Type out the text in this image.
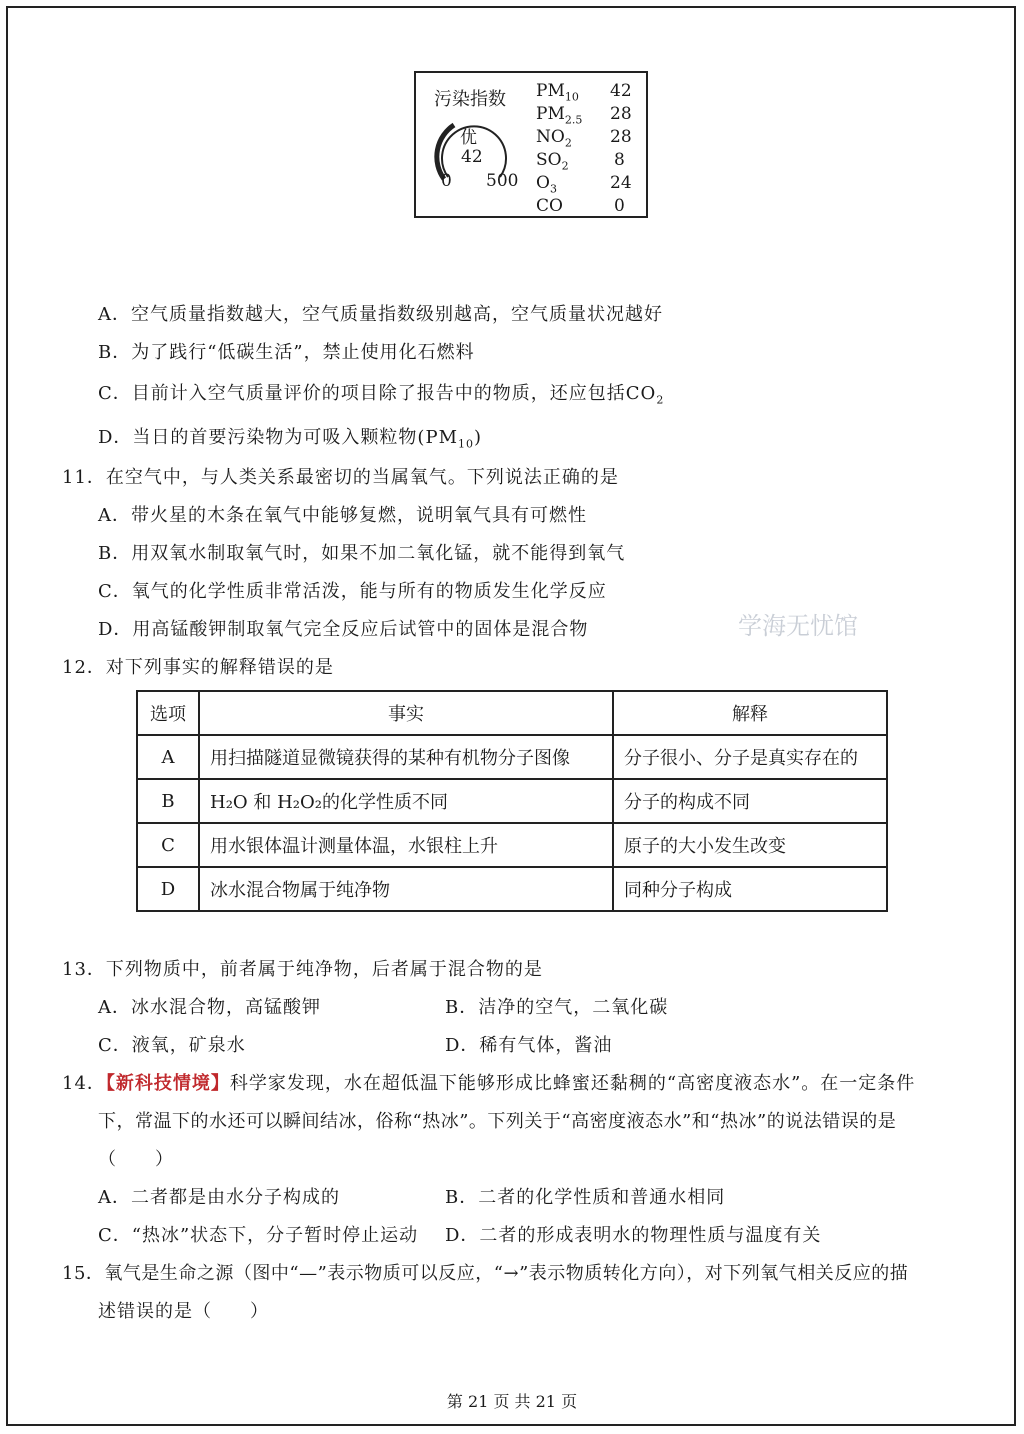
污染指数
优
42
0 500
$PM_{10}$ 42
$PM_{2.5}$ 28
$NO_2$ 28
$SO_2$	8
$O_3$	24
CO	0
A．空气质量指数越大，空气质量指数级别越高，空气质量状况越好
B．为了践行“低碳生活”，禁止使用化石燃料
C．目前计入空气质量评价的项目除了报告中的物质，还应包括$CO_2$
D．当日的首要污染物为可吸入颗粒物$(PM_{10})$
11．在空气中，与人类关系最密切的当属氧气。下列说法正确的是
A．带火星的木条在氧气中能够复燃，说明氧气具有可燃性
B．用双氧水制取氧气时，如果不加二氧化锰，就不能得到氧气
C．氧气的化学性质非常活泼，能与所有的物质发生化学反应
D．用高锰酸钾制取氧气完全反应后试管中的固体是混合物	学海无忧馆
12．对下列事实的解释错误的是
选项	事实	解释
A	用扫描隧道显微镜获得的某种有机物分子图像	分子很小、分子是真实存在的
B	H₂O 和 H₂O₂的化学性质不同	分子的构成不同
C	用水银体温计测量体温，水银柱上升	原子的大小发生改变
D	冰水混合物属于纯净物	同种分子构成
13．下列物质中，前者属于纯净物，后者属于混合物的是
A．冰水混合物，高锰酸钾	B．洁净的空气，二氧化碳
C．液氧，矿泉水	D．稀有气体，酱油
14．【新科技情境】科学家发现，水在超低温下能够形成比蜂蜜还黏稠的“高密度液态水”。在一定条件
下，常温下的水还可以瞬间结冰，俗称“热冰”。下列关于“高密度液态水”和“热冰”的说法错误的是
（　　）
A．二者都是由水分子构成的	B．二者的化学性质和普通水相同
C．“热冰”状态下，分子暂时停止运动 D．二者的形成表明水的物理性质与温度有关
15．氧气是生命之源（图中“—”表示物质可以反应，“→”表示物质转化方向），对下列氧气相关反应的描
述错误的是（　　）
第 21 页 共 21 页
